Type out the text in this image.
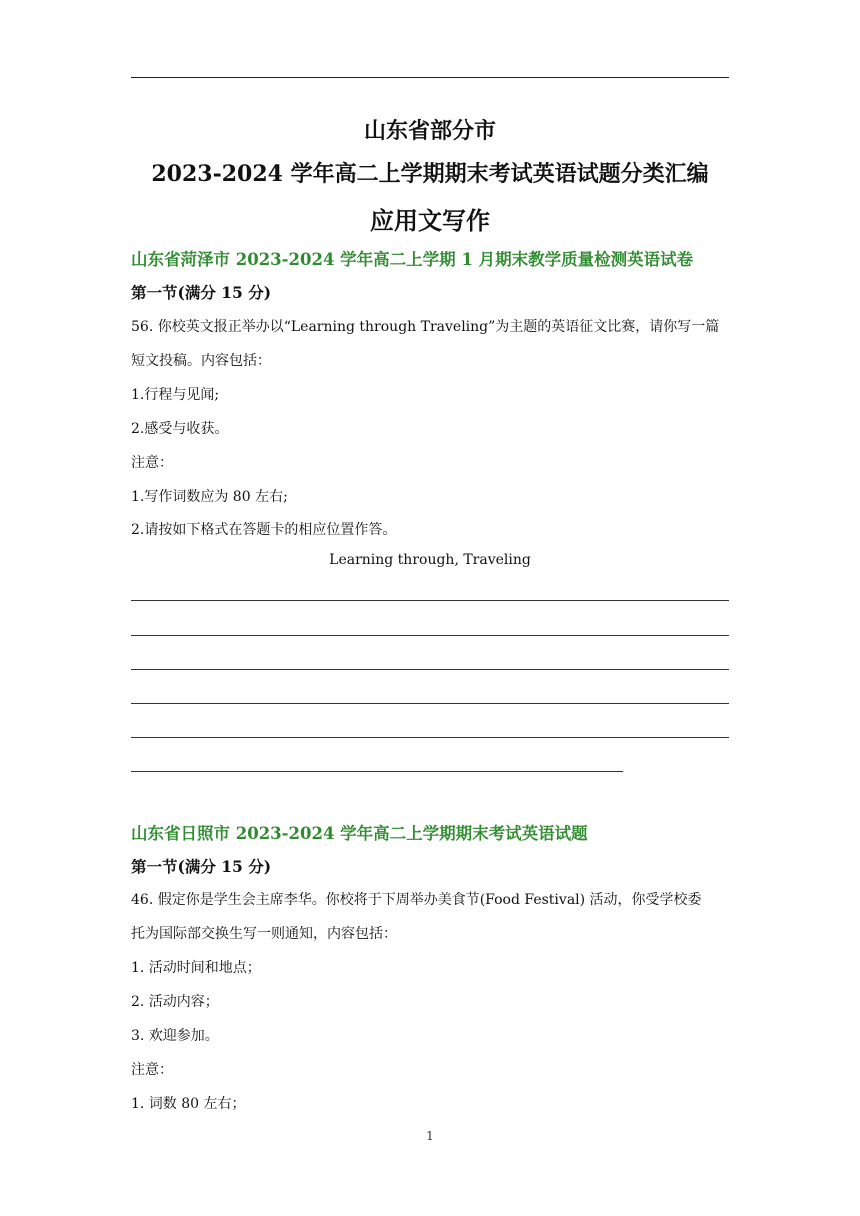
山东省部分市
2023-2024 学年高二上学期期末考试英语试题分类汇编
应用文写作
山东省菏泽市 2023-2024 学年高二上学期 1 月期末教学质量检测英语试卷
第一节(满分 15 分)
56. 你校英文报正举办以“Learning through Traveling”为主题的英语征文比赛，请你写一篇
短文投稿。内容包括：
1.行程与见闻;
2.感受与收获。
注意：
1.写作词数应为 80 左右;
2.请按如下格式在答题卡的相应位置作答。
Learning through, Traveling
山东省日照市 2023-2024 学年高二上学期期末考试英语试题
第一节(满分 15 分)
46. 假定你是学生会主席李华。你校将于下周举办美食节(Food Festival) 活动，你受学校委
托为国际部交换生写一则通知，内容包括：
1. 活动时间和地点；
2. 活动内容；
3. 欢迎参加。
注意：
1. 词数 80 左右；
1
